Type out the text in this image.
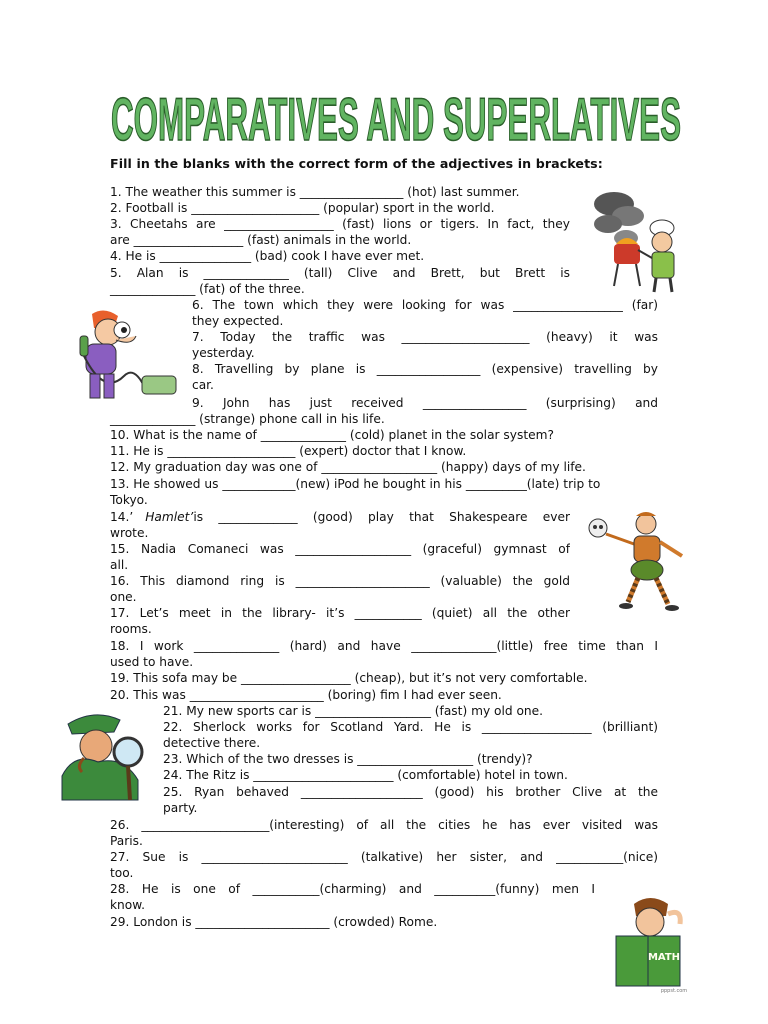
COMPARATIVES AND SUPERLATIVES
Fill in the blanks with the correct form of the adjectives in brackets:
1. The weather this summer is _________________ (hot) last summer.
2. Football is _____________________ (popular) sport in the world.
3. Cheetahs are __________________ (fast) lions or tigers. In fact, they
are __________________ (fast) animals in the world.
4. He is _______________ (bad) cook I have ever met.
5. Alan is ______________ (tall) Clive and Brett, but Brett is
______________ (fat) of the three.
6. The town which they were looking for was __________________ (far)
they expected.
7. Today the traffic was _____________________ (heavy) it was
yesterday.
8. Travelling by plane is _________________ (expensive) travelling by
car.
9. John has just received _________________ (surprising) and
______________ (strange) phone call in his life.
10. What is the name of ______________ (cold) planet in the solar system?
11. He is _____________________ (expert) doctor that I know.
12. My graduation day was one of ___________________ (happy) days of my life.
13. He showed us ____________(new) iPod he bought in his __________(late) trip to
Tokyo.
14.’ Hamlet’ is _____________ (good) play that Shakespeare ever
wrote.
15. Nadia Comaneci was ___________________ (graceful) gymnast of
all.
16. This diamond ring is ______________________ (valuable) the gold
one.
17. Let’s meet in the library- it’s ___________ (quiet) all the other
rooms.
18. I work ______________ (hard) and have ______________(little) free time than I
used to have.
19. This sofa may be __________________ (cheap), but it’s not very comfortable.
20. This was ______________________ (boring) fim I had ever seen.
21. My new sports car is ___________________ (fast) my old one.
22. Sherlock works for Scotland Yard. He is __________________ (brilliant)
detective there.
23. Which of the two dresses is ___________________ (trendy)?
24. The Ritz is _______________________ (comfortable) hotel in town.
25. Ryan behaved ____________________ (good) his brother Clive at the
party.
26. _____________________(interesting) of all the cities he has ever visited was
Paris.
27. Sue is ________________________ (talkative) her sister, and ___________(nice)
too.
28. He is one of ___________(charming) and __________(funny) men I
know.
29. London is ______________________ (crowded) Rome.
MATH
pppst.com
